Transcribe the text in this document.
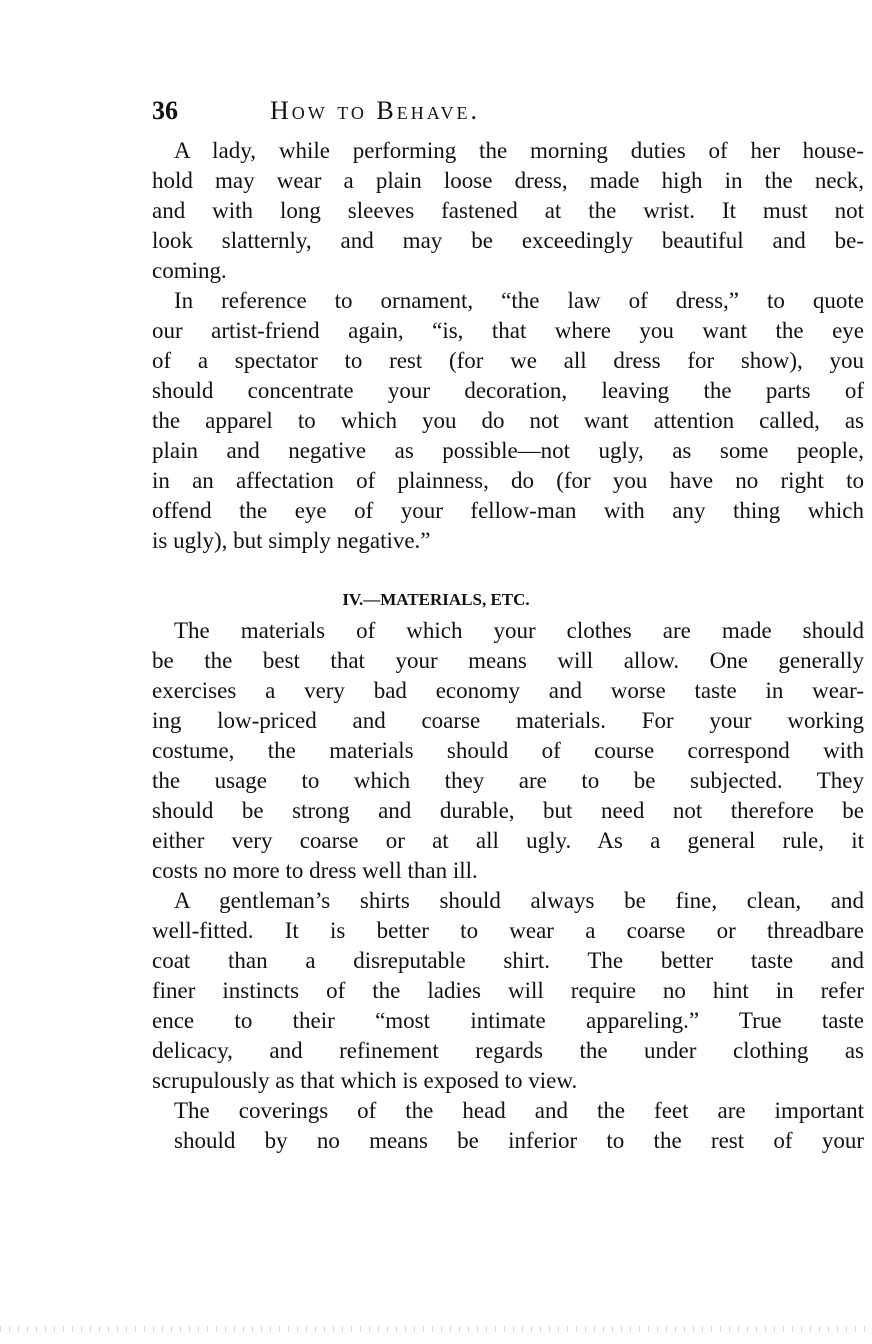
36	How to Behave.
A lady, while performing the morning duties of her house-
hold may wear a plain loose dress, made high in the neck,
and with long sleeves fastened at the wrist. It must not
look slatternly, and may be exceedingly beautiful and be-
coming.
In reference to ornament, “the law of dress,” to quote
our artist-friend again, “is, that where you want the eye
of a spectator to rest (for we all dress for show), you
should concentrate your decoration, leaving the parts of
the apparel to which you do not want attention called, as
plain and negative as possible—not ugly, as some people,
in an affectation of plainness, do (for you have no right to
offend the eye of your fellow-man with any thing which
is ugly), but simply negative.”
IV.—MATERIALS, ETC.
The materials of which your clothes are made should
be the best that your means will allow. One generally
exercises a very bad economy and worse taste in wear-
ing low-priced and coarse materials. For your working
costume, the materials should of course correspond with
the usage to which they are to be subjected. They
should be strong and durable, but need not therefore be
either very coarse or at all ugly. As a general rule, it
costs no more to dress well than ill.
A gentleman’s shirts should always be fine, clean, and
well-fitted. It is better to wear a coarse or threadbare
coat than a disreputable shirt. The better taste and
finer instincts of the ladies will require no hint in refer
ence to their “most intimate appareling.” True taste
delicacy, and refinement regards the under clothing as
scrupulously as that which is exposed to view.
The coverings of the head and the feet are important
should by no means be inferior to the rest of your
